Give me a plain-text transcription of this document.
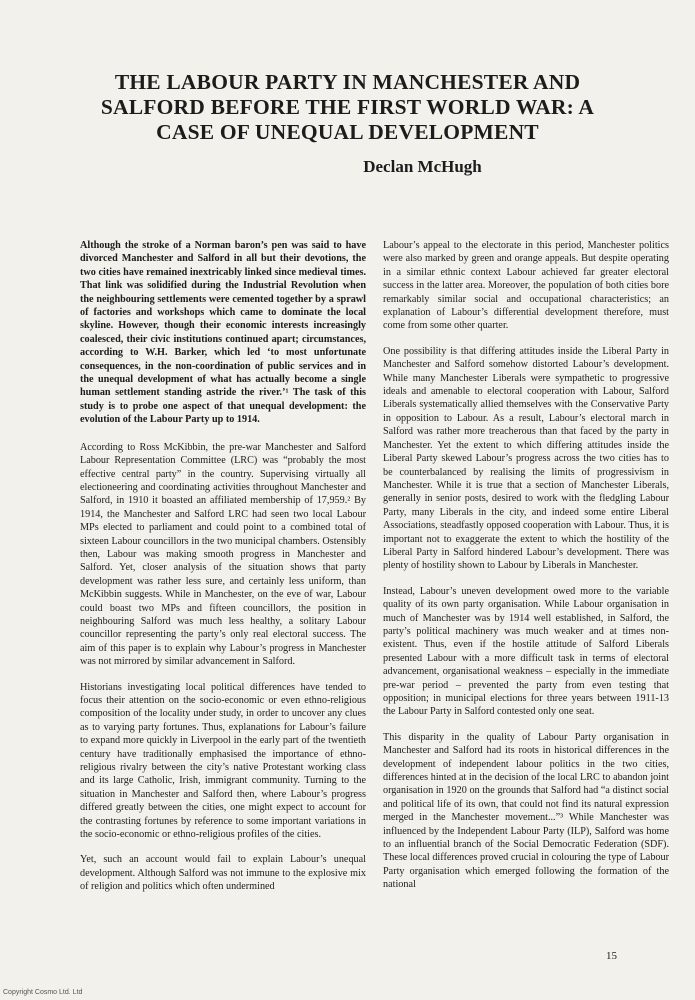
THE LABOUR PARTY IN MANCHESTER AND
SALFORD BEFORE THE FIRST WORLD WAR: A
CASE OF UNEQUAL DEVELOPMENT
Declan McHugh

Although the stroke of a Norman baron’s pen was said to have divorced Manchester and Salford in all but their devotions, the two cities have remained inextricably linked since medieval times. That link was solidified during the Industrial Revolution when the neighbouring settlements were cemented together by a sprawl of factories and workshops which came to dominate the local skyline. However, though their economic interests increasingly coalesced, their civic institutions continued apart; circumstances, according to W.H. Barker, which led ‘to most unfortunate consequences, in the non-coordination of public services and in the unequal development of what has actually become a single human settlement standing astride the river.’¹ The task of this study is to probe one aspect of that unequal development: the evolution of the Labour Party up to 1914.

According to Ross McKibbin, the pre-war Manchester and Salford Labour Representation Committee (LRC) was “probably the most effective central party” in the country. Supervising virtually all electioneering and coordinating activities throughout Manchester and Salford, in 1910 it boasted an affiliated membership of 17,959.² By 1914, the Manchester and Salford LRC had seen two local Labour MPs elected to parliament and could point to a combined total of sixteen Labour councillors in the two municipal chambers. Ostensibly then, Labour was making smooth progress in Manchester and Salford. Yet, closer analysis of the situation shows that party development was rather less sure, and certainly less uniform, than McKibbin suggests. While in Manchester, on the eve of war, Labour could boast two MPs and fifteen councillors, the position in neighbouring Salford was much less healthy, a solitary Labour councillor representing the party’s only real electoral success. The aim of this paper is to explain why Labour’s progress in Manchester was not mirrored by similar advancement in Salford.

Historians investigating local political differences have tended to focus their attention on the socio-economic or even ethno-religious composition of the locality under study, in order to uncover any clues as to varying party fortunes. Thus, explanations for Labour’s failure to expand more quickly in Liverpool in the early part of the twentieth century have traditionally emphasised the importance of ethno-religious rivalry between the city’s native Protestant working class and its large Catholic, Irish, immigrant community. Turning to the situation in Manchester and Salford then, where Labour’s progress differed greatly between the cities, one might expect to account for the contrasting fortunes by reference to some important variations in the socio-economic or ethno-religious profiles of the cities.

Yet, such an account would fail to explain Labour’s unequal development. Although Salford was not immune to the explosive mix of religion and politics which often undermined

Labour’s appeal to the electorate in this period, Manchester politics were also marked by green and orange appeals. But despite operating in a similar ethnic context Labour achieved far greater electoral success in the latter area. Moreover, the population of both cities bore remarkably similar social and occupational characteristics; an explanation of Labour’s differential development therefore, must come from some other quarter.

One possibility is that differing attitudes inside the Liberal Party in Manchester and Salford somehow distorted Labour’s development. While many Manchester Liberals were sympathetic to progressive ideals and amenable to electoral cooperation with Labour, Salford Liberals systematically allied themselves with the Conservative Party in opposition to Labour. As a result, Labour’s electoral march in Salford was rather more treacherous than that faced by the party in Manchester. Yet the extent to which differing attitudes inside the Liberal Party skewed Labour’s progress across the two cities has to be counterbalanced by realising the limits of progressivism in Manchester. While it is true that a section of Manchester Liberals, generally in senior posts, desired to work with the fledgling Labour Party, many Liberals in the city, and indeed some entire Liberal Associations, steadfastly opposed cooperation with Labour. Thus, it is important not to exaggerate the extent to which the hostility of the Liberal Party in Salford hindered Labour’s development. There was plenty of hostility shown to Labour by Liberals in Manchester.

Instead, Labour’s uneven development owed more to the variable quality of its own party organisation. While Labour organisation in much of Manchester was by 1914 well established, in Salford, the party’s political machinery was much weaker and at times non-existent. Thus, even if the hostile attitude of Salford Liberals presented Labour with a more difficult task in terms of electoral advancement, organisational weakness – especially in the immediate pre-war period – prevented the party from even testing that opposition; in municipal elections for three years between 1911-13 the Labour Party in Salford contested only one seat.

This disparity in the quality of Labour Party organisation in Manchester and Salford had its roots in historical differences in the development of independent labour politics in the two cities, differences hinted at in the decision of the local LRC to abandon joint organisation in 1920 on the grounds that Salford had “a distinct social and political life of its own, that could not find its natural expression merged in the Manchester movement...”³ While Manchester was influenced by the Independent Labour Party (ILP), Salford was home to an influential branch of the Social Democratic Federation (SDF). These local differences proved crucial in colouring the type of Labour Party organisation which emerged following the formation of the national

15
Copyright Cosmo Ltd. Ltd
